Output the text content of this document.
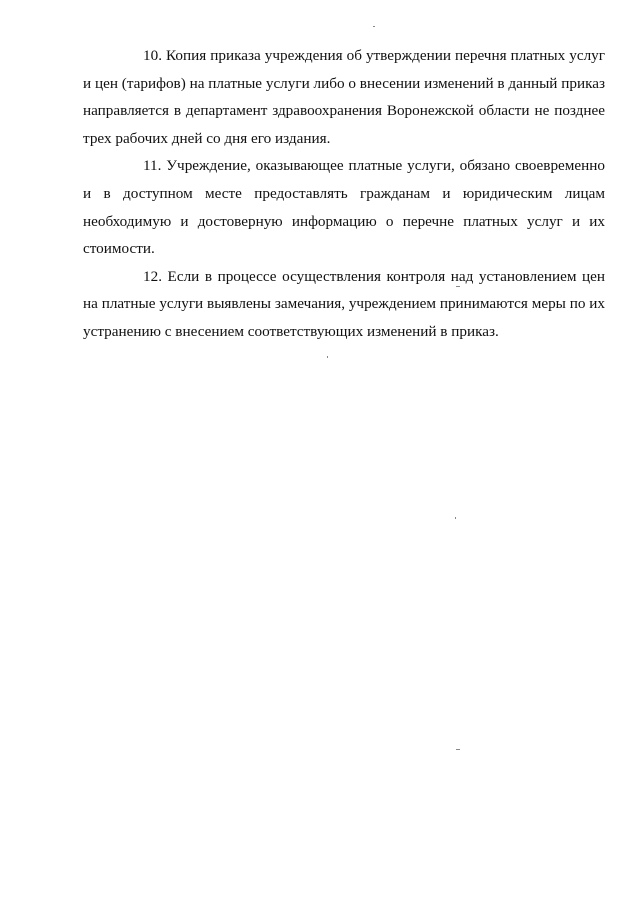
10. Копия приказа учреждения об утверждении перечня платных услуг и цен (тарифов) на платные услуги либо о внесении изменений в данный приказ направляется в департамент здравоохранения Воронежской области не позднее трех рабочих дней со дня его издания.

11. Учреждение, оказывающее платные услуги, обязано своевременно и в доступном месте предоставлять гражданам и юридическим лицам необходимую и достоверную информацию о перечне платных услуг и их стоимости.

12. Если в процессе осуществления контроля над установлением цен на платные услуги выявлены замечания, учреждением принимаются меры по их устранению с внесением соответствующих изменений в приказ.
